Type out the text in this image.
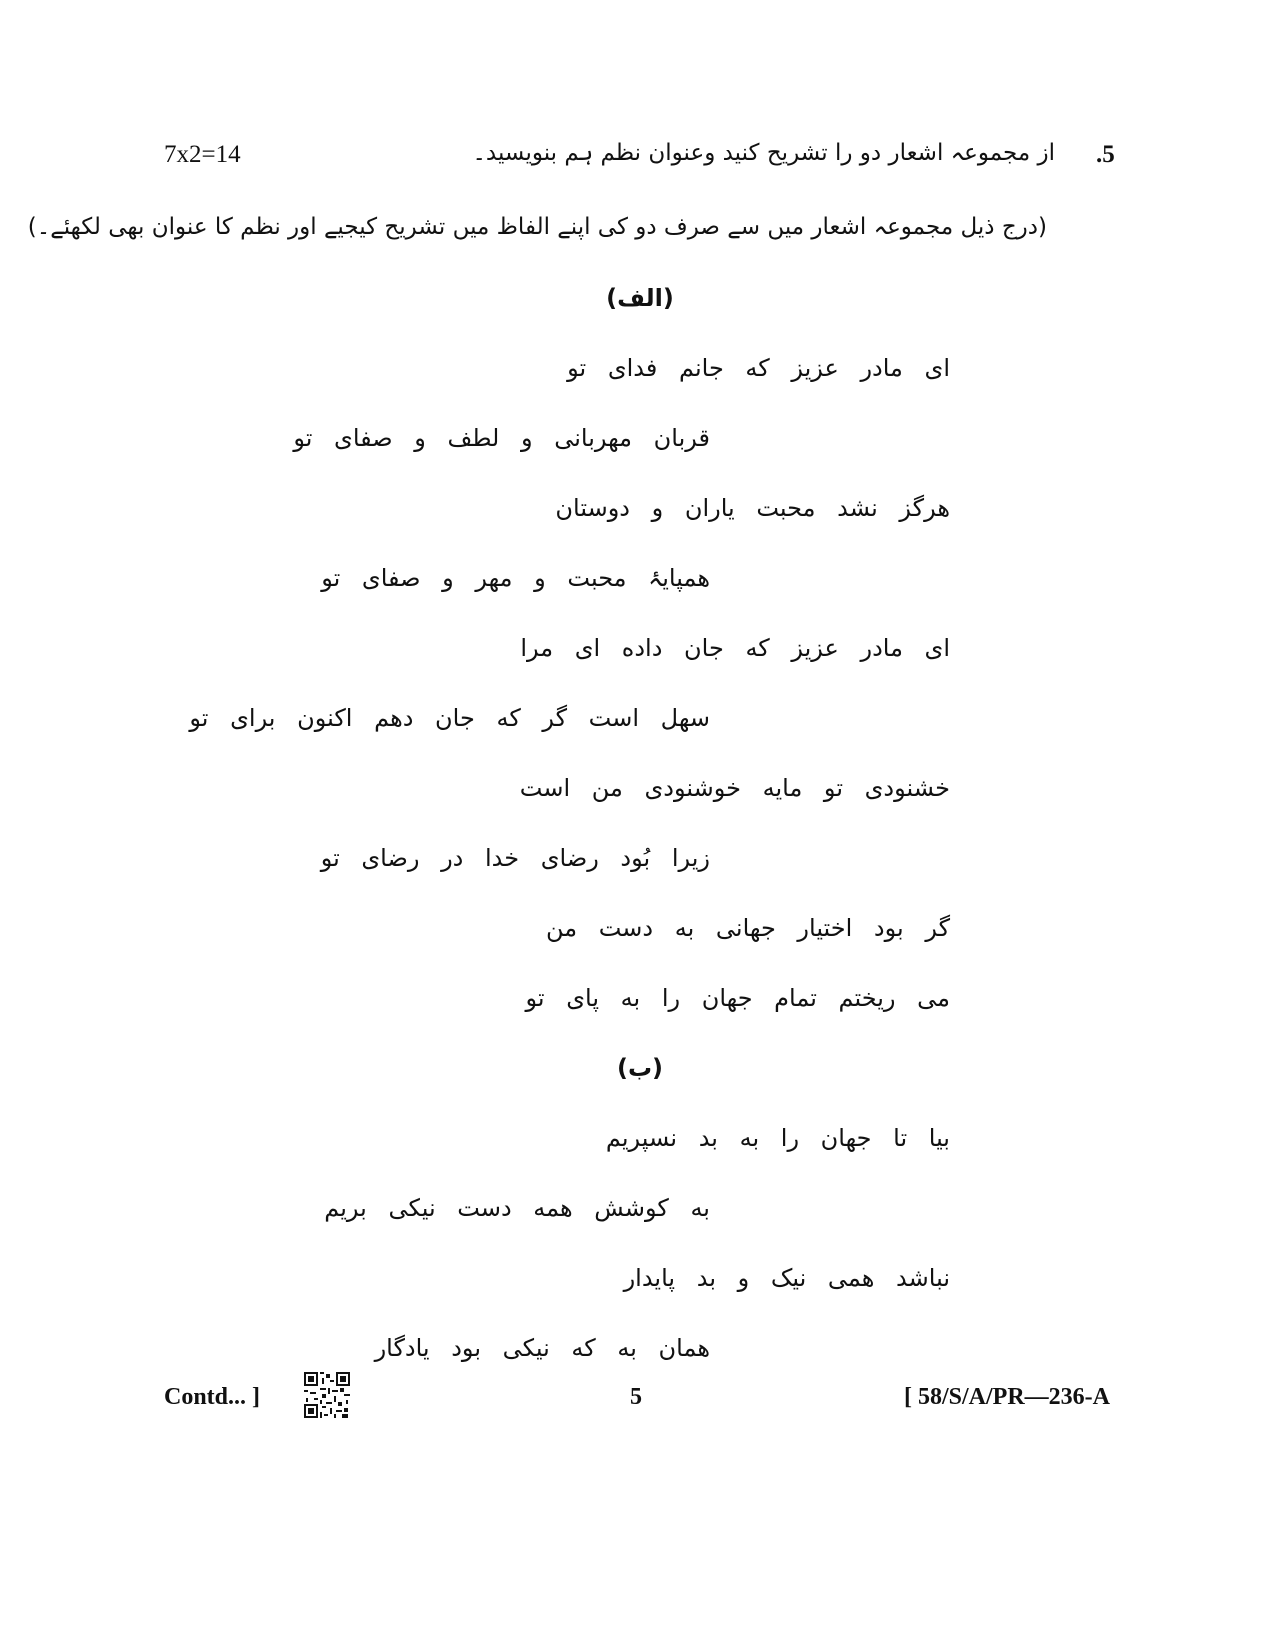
.5
از مجموعہ اشعار دو را تشریح کنید وعنوان نظم ہم بنویسید۔
7x2=14
(درج ذیل مجموعہ اشعار میں سے صرف دو کی اپنے الفاظ میں تشریح کیجیے اور نظم کا عنوان بھی لکھئے۔)
(الف)
ای مادر عزیز که جانم فدای تو
قربان مهربانی و لطف و صفای تو
هرگز نشد محبت یاران و دوستان
همپایۂ محبت و مهر و صفای تو
ای مادر عزیز که جان داده ای مرا
سهل است گر که جان دهم اکنون برای تو
خشنودی تو مایه خوشنودی من است
زیرا بُود رضای خدا در رضای تو
گر بود اختیار جهانی به دست من
می ریختم تمام جهان را به پای تو
(ب)
بیا تا جهان را به بد نسپریم
به کوشش همه دست نیکی بریم
نباشد همی نیک و بد پایدار
همان به که نیکی بود یادگار
Contd... ]	5	[ 58/S/A/PR—236-A
